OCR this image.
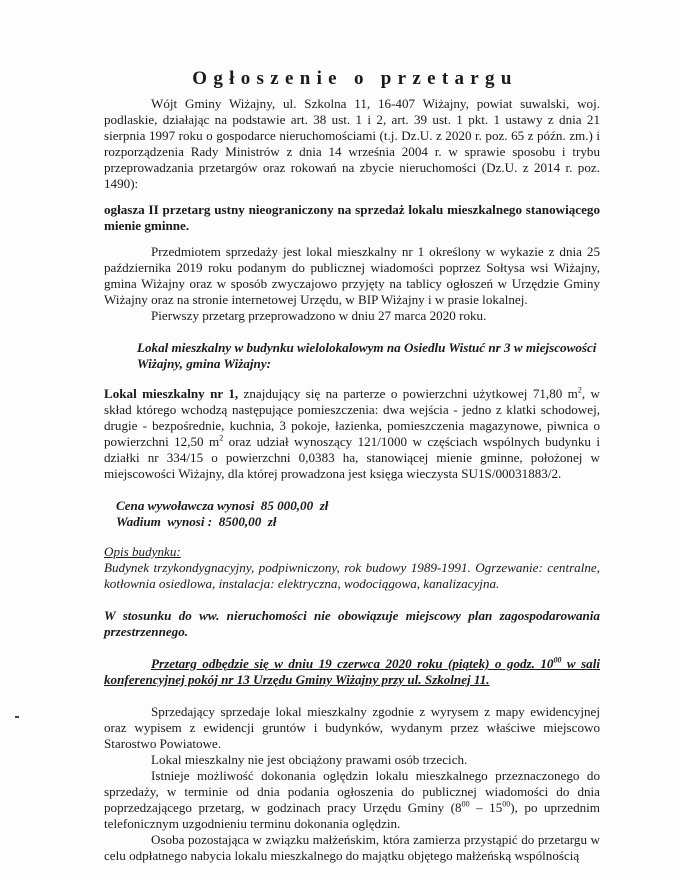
Ogłoszenie o przetargu

Wójt Gminy Wiżajny, ul. Szkolna 11, 16-407 Wiżajny, powiat suwalski, woj. podlaskie, działając na podstawie art. 38 ust. 1 i 2, art. 39 ust. 1 pkt. 1 ustawy z dnia 21 sierpnia 1997 roku o gospodarce nieruchomościami (t.j. Dz.U. z 2020 r. poz. 65 z późn. zm.) i rozporządzenia Rady Ministrów z dnia 14 września 2004 r. w sprawie sposobu i trybu przeprowadzania przetargów oraz rokowań na zbycie nieruchomości (Dz.U. z 2014 r. poz. 1490):

ogłasza II przetarg ustny nieograniczony na sprzedaż lokalu mieszkalnego stanowiącego mienie gminne.

Przedmiotem sprzedaży jest lokal mieszkalny nr 1 określony w wykazie z dnia 25 października 2019 roku podanym do publicznej wiadomości poprzez Sołtysa wsi Wiżajny, gmina Wiżajny oraz w sposób zwyczajowo przyjęty na tablicy ogłoszeń w Urzędzie Gminy Wiżajny oraz na stronie internetowej Urzędu, w BIP Wiżajny i w prasie lokalnej.

Pierwszy przetarg przeprowadzono w dniu 27 marca 2020 roku.

Lokal mieszkalny w budynku wielolokalowym na Osiedlu Wistuć nr 3 w miejscowości Wiżajny, gmina Wiżajny:

Lokal mieszkalny nr 1, znajdujący się na parterze o powierzchni użytkowej 71,80 $m^2$, w skład którego wchodzą następujące pomieszczenia: dwa wejścia - jedno z klatki schodowej, drugie - bezpośrednie, kuchnia, 3 pokoje, łazienka, pomieszczenia magazynowe, piwnica o powierzchni 12,50 $m^2$ oraz udział wynoszący 121/1000 w częściach wspólnych budynku i działki nr 334/15 o powierzchni 0,0383 ha, stanowiącej mienie gminne, położonej w miejscowości Wiżajny, dla której prowadzona jest księga wieczysta SU1S/00031883/2.

Cena wywoławcza wynosi  85 000,00  zł

Wadium  wynosi :  8500,00  zł

Opis budynku:

Budynek trzykondygnacyjny, podpiwniczony, rok budowy 1989-1991. Ogrzewanie: centralne, kotłownia osiedlowa, instalacja: elektryczna, wodociągowa, kanalizacyjna.

W stosunku do ww. nieruchomości nie obowiązuje miejscowy plan zagospodarowania przestrzennego.

Przetarg odbędzie się w dniu 19 czerwca 2020 roku (piątek) o godz. $10^{00}$ w sali konferencyjnej pokój nr 13 Urzędu Gminy Wiżajny przy ul. Szkolnej 11.

Sprzedający sprzedaje lokal mieszkalny zgodnie z wyrysem z mapy ewidencyjnej oraz wypisem z ewidencji gruntów i budynków, wydanym przez właściwe miejscowo Starostwo Powiatowe.

Lokal mieszkalny nie jest obciążony prawami osób trzecich.

Istnieje możliwość dokonania oględzin lokalu mieszkalnego przeznaczonego do sprzedaży, w terminie od dnia podania ogłoszenia do publicznej wiadomości do dnia poprzedzającego przetarg, w godzinach pracy Urzędu Gminy $(8^{00} - 15^{00})$, po uprzednim telefonicznym uzgodnieniu terminu dokonania oględzin.

Osoba pozostająca w związku małżeńskim, która zamierza przystąpić do przetargu w celu odpłatnego nabycia lokalu mieszkalnego do majątku objętego małżeńską wspólnością
